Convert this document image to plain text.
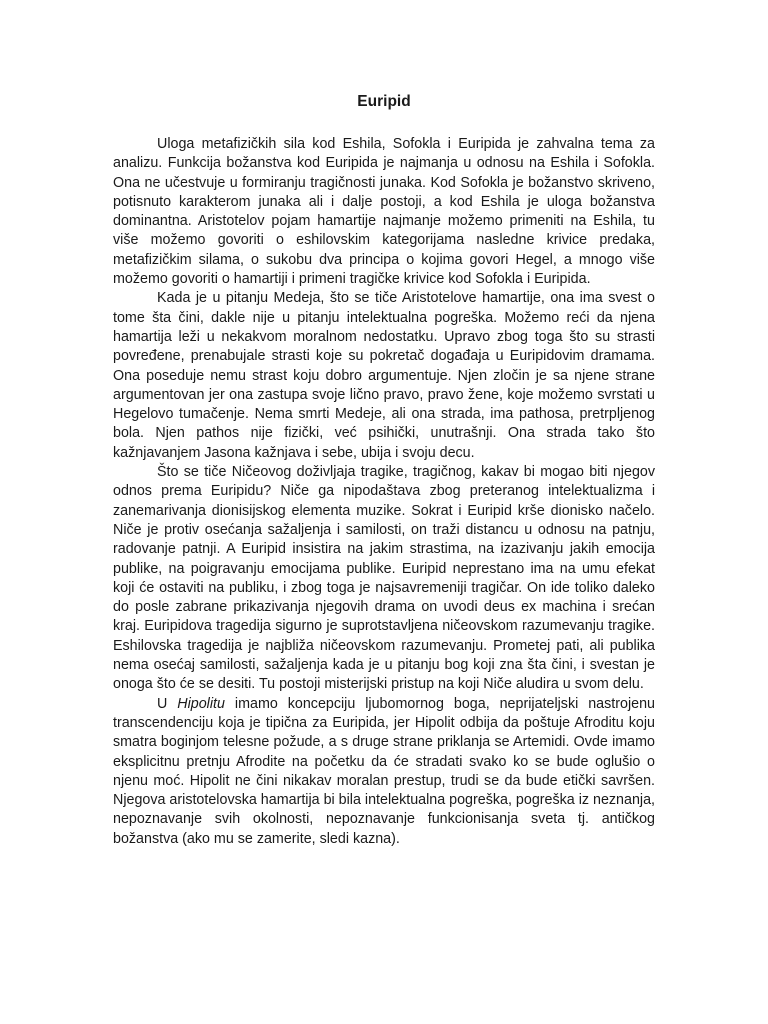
Euripid

Uloga metafizičkih sila kod Eshila, Sofokla i Euripida je zahvalna tema za analizu. Funkcija božanstva kod Euripida je najmanja u odnosu na Eshila i Sofokla. Ona ne učestvuje u formiranju tragičnosti junaka. Kod Sofokla je božanstvo skriveno, potisnuto karakterom junaka ali i dalje postoji, a kod Eshila je uloga božanstva dominantna. Aristotelov pojam hamartije najmanje možemo primeniti na Eshila, tu više možemo govoriti o eshilovskim kategorijama nasledne krivice predaka, metafizičkim silama, o sukobu dva principa o kojima govori Hegel, a mnogo više možemo govoriti o hamartiji i primeni tragičke krivice kod Sofokla i Euripida.

Kada je u pitanju Medeja, što se tiče Aristotelove hamartije, ona ima svest o tome šta čini, dakle nije u pitanju intelektualna pogreška. Možemo reći da njena hamartija leži u nekakvom moralnom nedostatku. Upravo zbog toga što su strasti povređene, prenabujale strasti koje su pokretač događaja u Euripidovim dramama. Ona poseduje nemu strast koju dobro argumentuje. Njen zločin je sa njene strane argumentovan jer ona zastupa svoje lično pravo, pravo žene, koje možemo svrstati u Hegelovo tumačenje. Nema smrti Medeje, ali ona strada, ima pathosa, pretrpljenog bola. Njen pathos nije fizički, već psihički, unutrašnji. Ona strada tako što kažnjavanjem Jasona kažnjava i sebe, ubija i svoju decu.

Što se tiče Ničeovog doživljaja tragike, tragičnog, kakav bi mogao biti njegov odnos prema Euripidu? Niče ga nipodaštava zbog preteranog intelektualizma i zanemarivanja dionisijskog elementa muzike. Sokrat i Euripid krše dionisko načelo. Niče je protiv osećanja sažaljenja i samilosti, on traži distancu u odnosu na patnju, radovanje patnji. A Euripid insistira na jakim strastima, na izazivanju jakih emocija publike, na poigravanju emocijama publike. Euripid neprestano ima na umu efekat koji će ostaviti na publiku, i zbog toga je najsavremeniji tragičar. On ide toliko daleko do posle zabrane prikazivanja njegovih drama on uvodi deus ex machina i srećan kraj. Euripidova tragedija sigurno je suprotstavljena ničeovskom razumevanju tragike. Eshilovska tragedija je najbliža ničeovskom razumevanju. Prometej pati, ali publika nema osećaj samilosti, sažaljenja kada je u pitanju bog koji zna šta čini, i svestan je onoga što će se desiti. Tu postoji misterijski pristup na koji Niče aludira u svom delu.

U Hipolitu imamo koncepciju ljubomornog boga, neprijateljski nastrojenu transcendenciju koja je tipična za Euripida, jer Hipolit odbija da poštuje Afroditu koju smatra boginjom telesne požude, a s druge strane priklanja se Artemidi. Ovde imamo eksplicitnu pretnju Afrodite na početku da će stradati svako ko se bude oglušio o njenu moć. Hipolit ne čini nikakav moralan prestup, trudi se da bude etički savršen. Njegova aristotelovska hamartija bi bila intelektualna pogreška, pogreška iz neznanja, nepoznavanje svih okolnosti, nepoznavanje funkcionisanja sveta tj. antičkog božanstva (ako mu se zamerite, sledi kazna).
